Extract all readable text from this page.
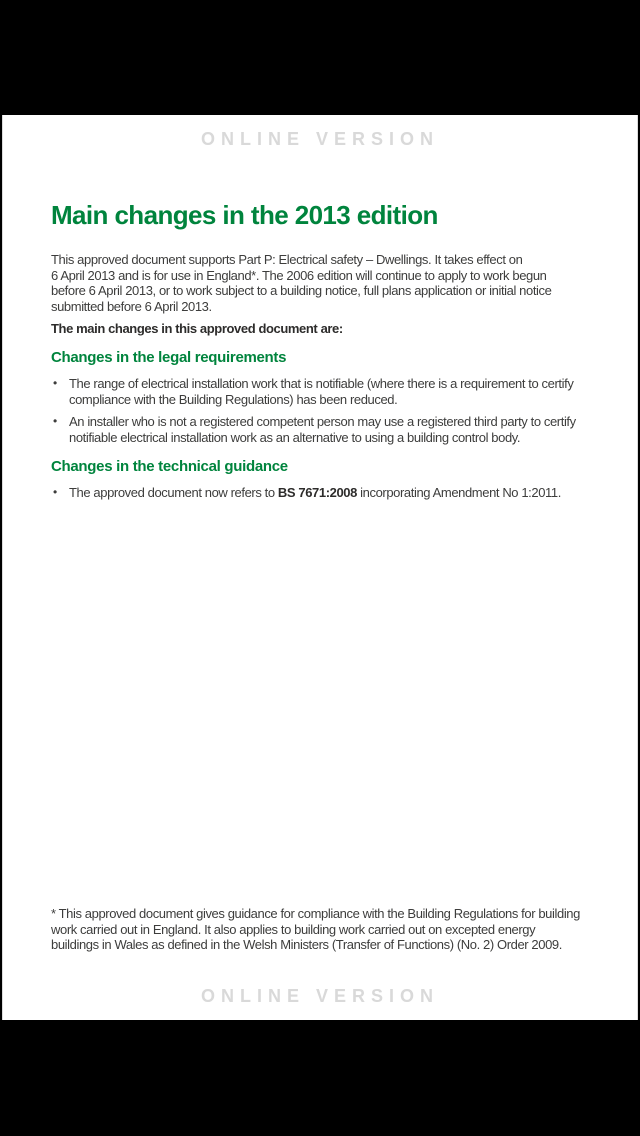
ONLINE VERSION
Main changes in the 2013 edition
This approved document supports Part P: Electrical safety – Dwellings. It takes effect on
6 April 2013 and is for use in England*. The 2006 edition will continue to apply to work begun
before 6 April 2013, or to work subject to a building notice, full plans application or initial notice
submitted before 6 April 2013.
The main changes in this approved document are:
Changes in the legal requirements
• The range of electrical installation work that is notifiable (where there is a requirement to certify
compliance with the Building Regulations) has been reduced.
• An installer who is not a registered competent person may use a registered third party to certify
notifiable electrical installation work as an alternative to using a building control body.
Changes in the technical guidance
• The approved document now refers to BS 7671:2008 incorporating Amendment No 1:2011.
* This approved document gives guidance for compliance with the Building Regulations for building
work carried out in England. It also applies to building work carried out on excepted energy
buildings in Wales as defined in the Welsh Ministers (Transfer of Functions) (No. 2) Order 2009.
ONLINE VERSION
